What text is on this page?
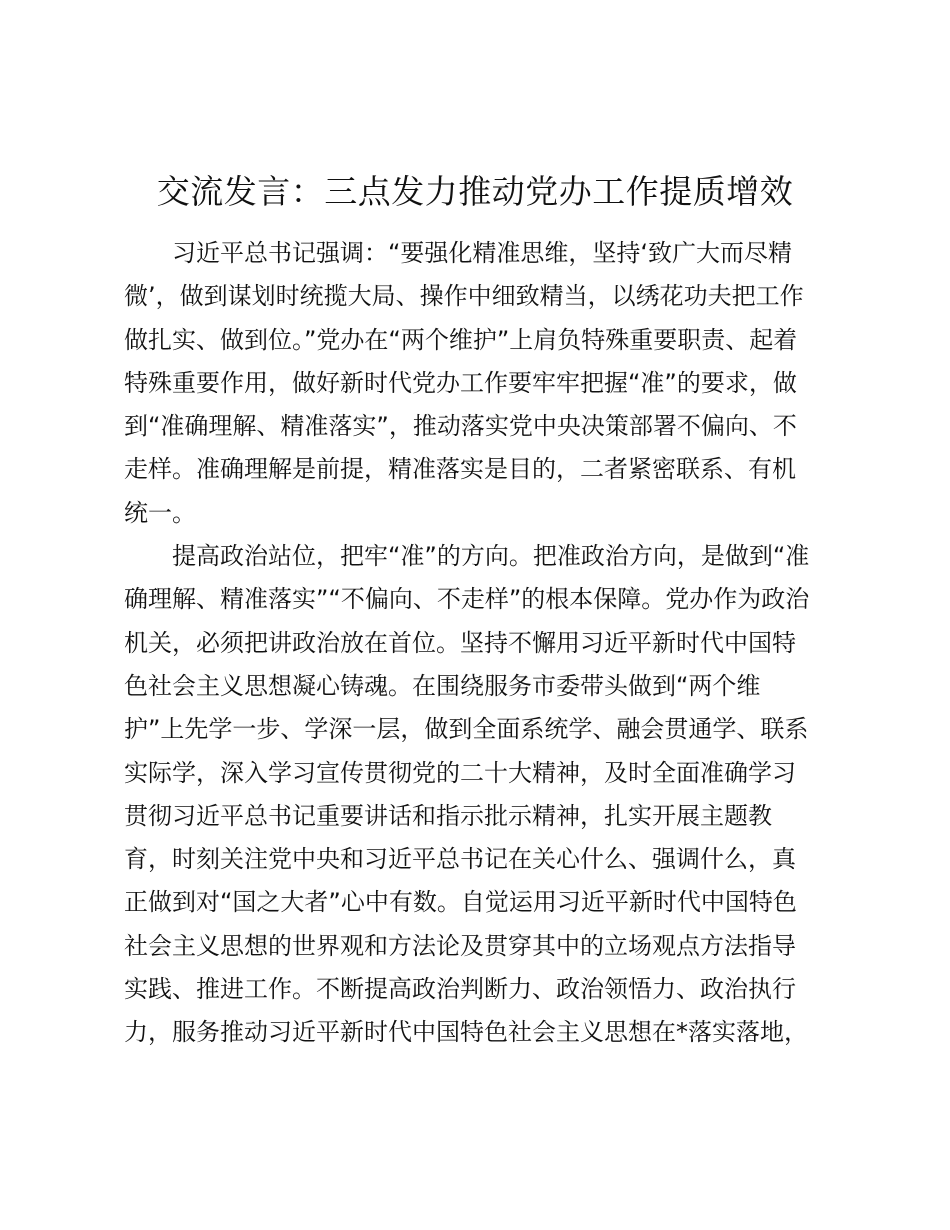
交流发言：三点发力推动党办工作提质增效

习近平总书记强调：“要强化精准思维，坚持‘致广大而尽精
微’，做到谋划时统揽大局、操作中细致精当，以绣花功夫把工作
做扎实、做到位。”党办在“两个维护”上肩负特殊重要职责、起着
特殊重要作用，做好新时代党办工作要牢牢把握“准”的要求，做
到“准确理解、精准落实”，推动落实党中央决策部署不偏向、不
走样。准确理解是前提，精准落实是目的，二者紧密联系、有机
统一。

提高政治站位，把牢“准”的方向。把准政治方向，是做到“准
确理解、精准落实”“不偏向、不走样”的根本保障。党办作为政治
机关，必须把讲政治放在首位。坚持不懈用习近平新时代中国特
色社会主义思想凝心铸魂。在围绕服务市委带头做到“两个维
护”上先学一步、学深一层，做到全面系统学、融会贯通学、联系
实际学，深入学习宣传贯彻党的二十大精神，及时全面准确学习
贯彻习近平总书记重要讲话和指示批示精神，扎实开展主题教
育，时刻关注党中央和习近平总书记在关心什么、强调什么，真
正做到对“国之大者”心中有数。自觉运用习近平新时代中国特色
社会主义思想的世界观和方法论及贯穿其中的立场观点方法指导
实践、推进工作。不断提高政治判断力、政治领悟力、政治执行
力，服务推动习近平新时代中国特色社会主义思想在*落实落地，
